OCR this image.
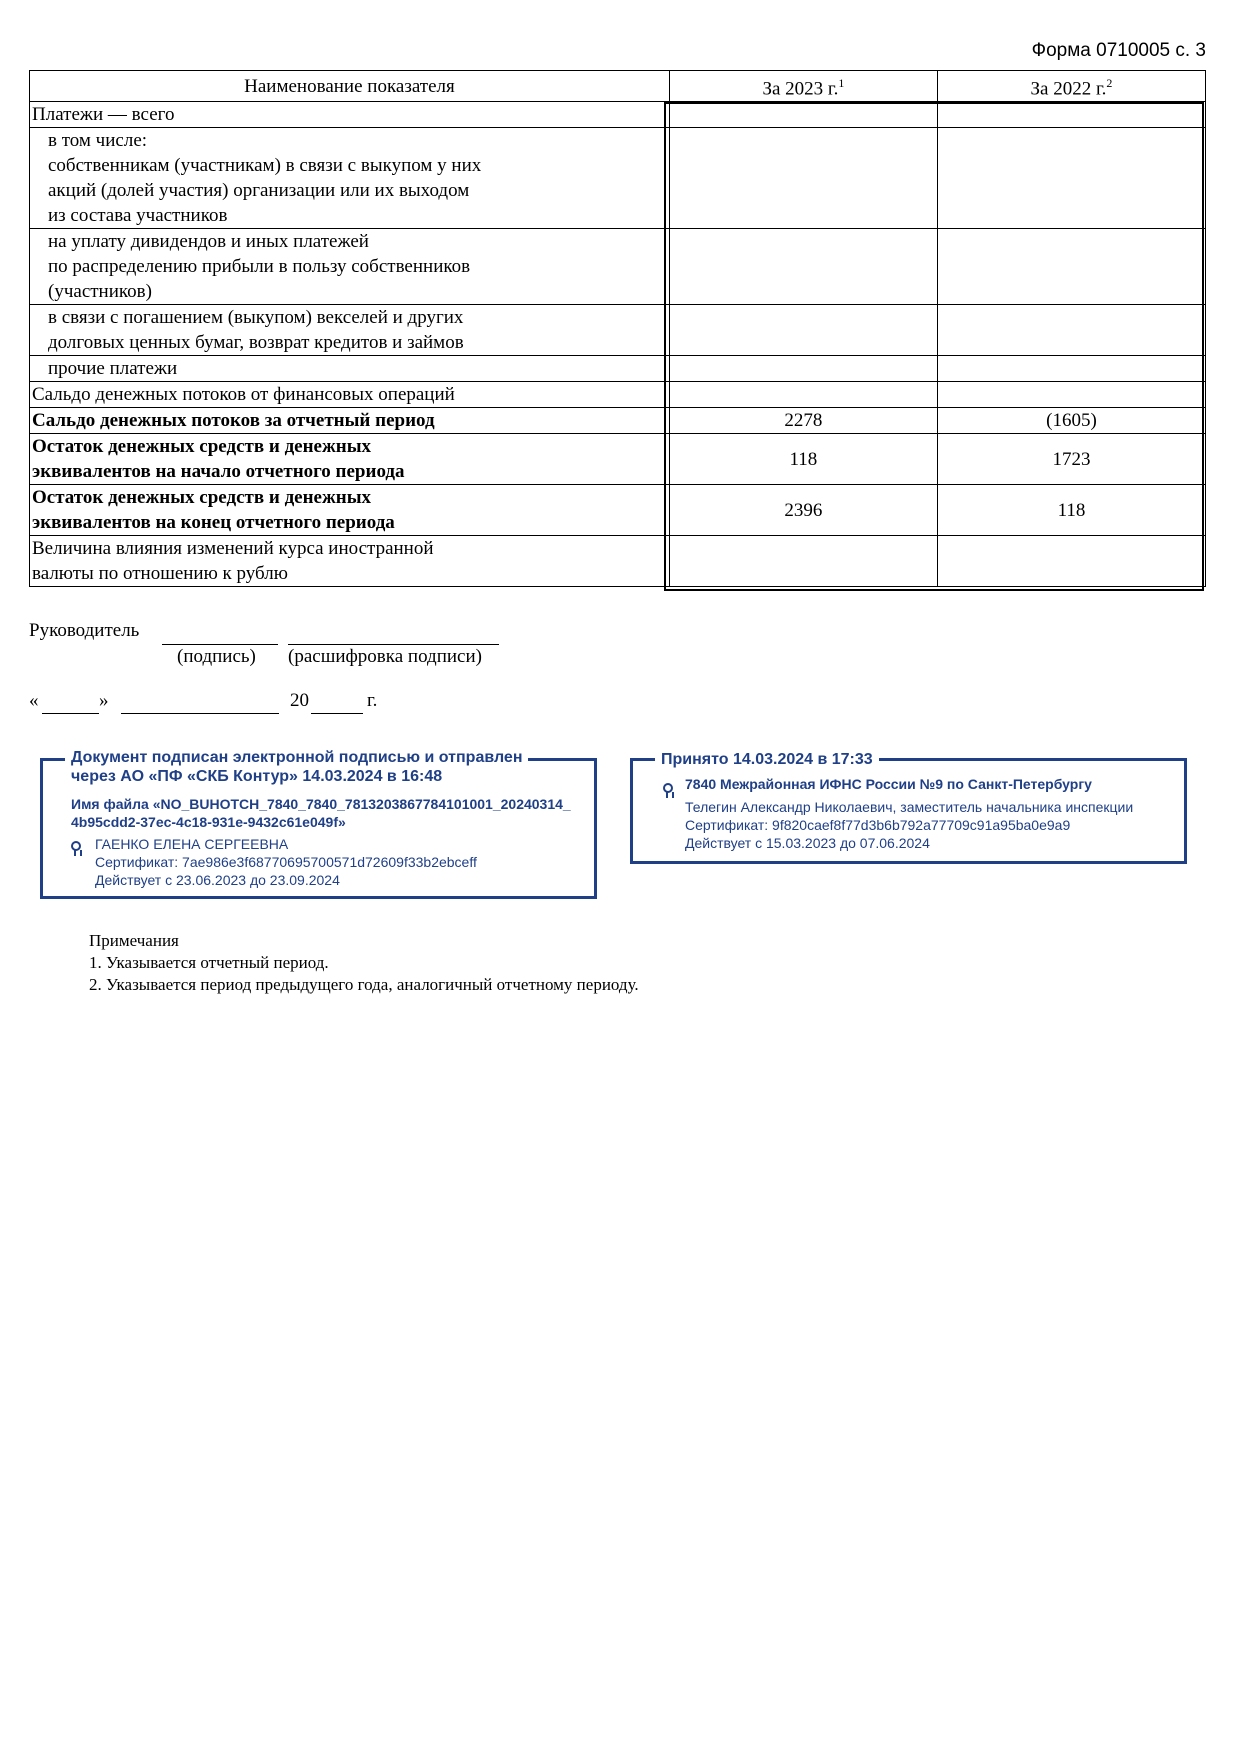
Форма 0710005 с. 3
Наименование показателя	За 2023 г.$^1$	За 2022 г.$^2$

Платежи — всего		

в том числе:
собственникам (участникам) в связи с выкупом у них
акций (долей участия) организации или их выходом
из состава участников		

на уплату дивидендов и иных платежей
по распределению прибыли в пользу собственников
(участников)		

в связи с погашением (выкупом) векселей и других
долговых ценных бумаг, возврат кредитов и займов		

прочие платежи		

Сальдо денежных потоков от финансовых операций		

Сальдо денежных потоков за отчетный период	2278	(1605)

Остаток денежных средств и денежных
эквивалентов на начало отчетного периода	118	1723

Остаток денежных средств и денежных
эквивалентов на конец отчетного периода	2396	118

Величина влияния изменений курса иностранной
валюты по отношению к рублю		

Руководитель
(подпись) (расшифровка подписи)
«	»	20	г.
Документ подписан электронной подписью и отправлен
через АО «ПФ «СКБ Контур» 14.03.2024 в 16:48
Имя файла «NO_BUHOTCH_7840_7840_7813203867784101001_20240314_
4b95cdd2-37ec-4c18-931e-9432c61e049f»
ГАЕНКО ЕЛЕНА СЕРГЕЕВНА
Сертификат: 7ae986e3f68770695700571d72609f33b2ebceff
Действует с 23.06.2023 до 23.09.2024
Принято 14.03.2024 в 17:33
7840 Межрайонная ИФНС России №9 по Санкт-Петербургу
Телегин Александр Николаевич, заместитель начальника инспекции
Сертификат: 9f820caef8f77d3b6b792a77709c91a95ba0e9a9
Действует с 15.03.2023 до 07.06.2024
Примечания
1. Указывается отчетный период.
2. Указывается период предыдущего года, аналогичный отчетному периоду.
